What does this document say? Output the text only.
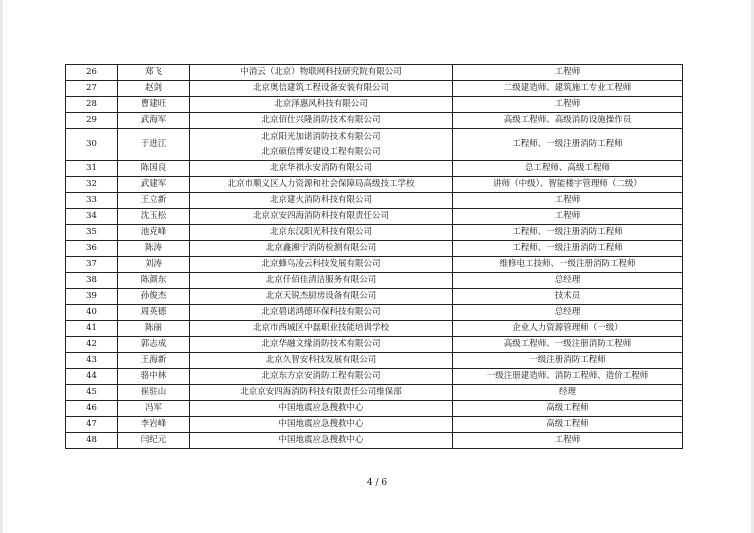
26	郑飞	中消云（北京）物联网科技研究院有限公司	工程师
27	赵剑	北京奥信建筑工程设备安装有限公司	二级建造师、建筑施工专业工程师
28	曹建旺	北京泽惠风科技有限公司	工程师
29	武海军	北京佰仕兴隆消防技术有限公司	高级工程师、高级消防设施操作员
30	于进江	北京阳光加诺消防技术有限公司
北京硕信博安建设工程有限公司	工程师、一级注册消防工程师
31	陈国良	北京华祺永安消防有限公司	总工程师、高级工程师
32	武建军	北京市顺义区人力资源和社会保障局高级技工学校	讲师（中级）、智能楼宇管理师（二级）
33	王立新	北京建火消防科技有限公司	工程师
34	沈玉松	北京京安四海消防科技有限责任公司	工程师
35	池克峰	北京东汉阳光科技有限公司	工程师、一级注册消防工程师
36	陈涛	北京鑫湘宁消防检测有限公司	工程师、一级注册消防工程师
37	刘涛	北京蜂鸟凌云科技发展有限公司	维修电工技师、一级注册消防工程师
38	陈颜东	北京仟佰佳清洁服务有限公司	总经理
39	孙俊杰	北京天锐杰厨房设备有限公司	技术员
40	周英德	北京碧诺鸿德环保科技有限公司	总经理
41	陈丽	北京市西城区中磊职业技能培训学校	企业人力资源管理师（一级）
42	郭志成	北京华融文缘消防技术有限公司	高级工程师、一级注册消防工程师
43	王海新	北京久智安科技发展有限公司	一级注册消防工程师
44	骆中林	北京东方京安消防工程有限公司	一级注册建造师、消防工程师、造价工程师
45	崔驻山	北京京安四海消防科技有限责任公司维保部	经理
46	冯军	中国地震应急搜救中心	高级工程师
47	李岩峰	中国地震应急搜救中心	高级工程师
48	闫纪元	中国地震应急搜救中心	工程师
4 / 6
